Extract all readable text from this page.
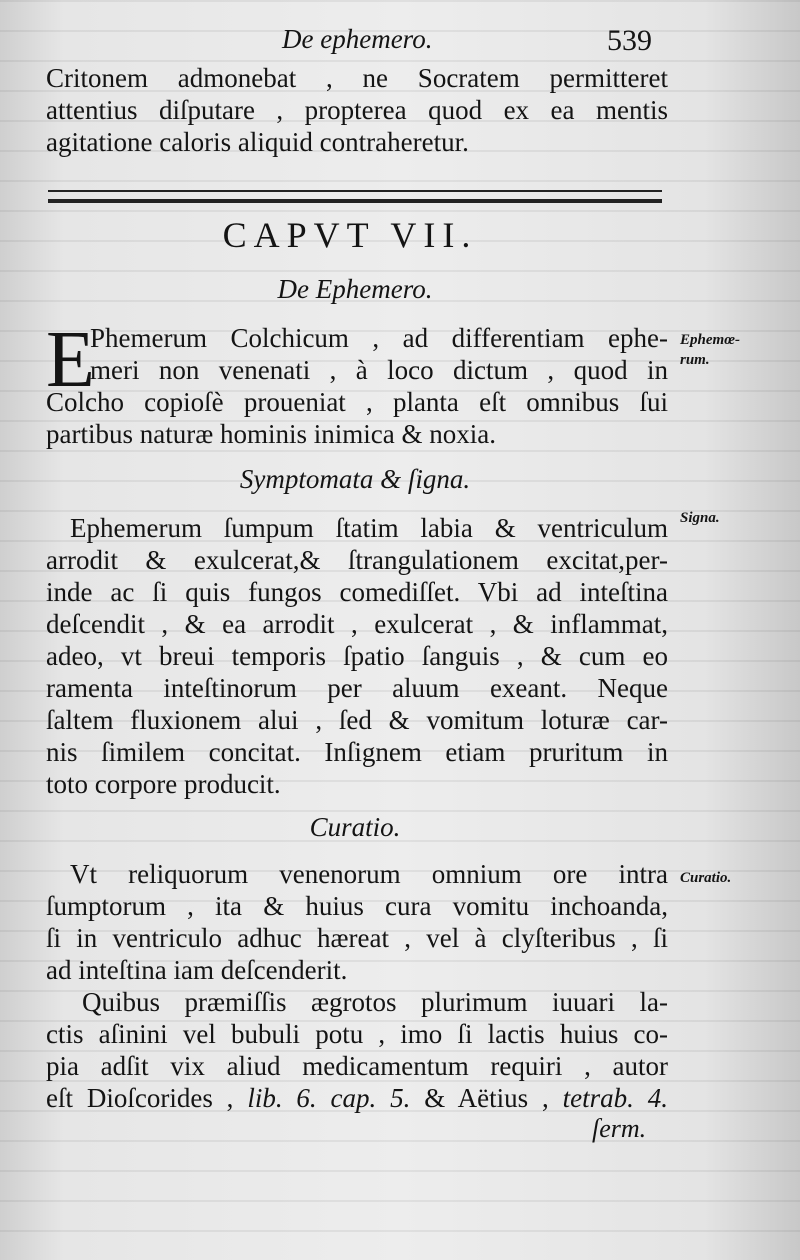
De ephemero.	539
Critonem admonebat , ne Socratem permitteret
attentius diſputare , propterea quod ex ea mentis
agitatione caloris aliquid contraheretur.
CAPVT VII.
De Ephemero.
E
Phemerum Colchicum , ad differentiam ephe-
meri non venenati , à loco dictum , quod in
Colcho copioſè proueniat , planta eſt omnibus ſui
partibus naturæ hominis inimica & noxia.
Ephemœ-
rum.
Symptomata & ſigna.
Ephemerum ſumpum ſtatim labia & ventriculum
arrodit & exulcerat,& ſtrangulationem excitat,per-
inde ac ſi quis fungos comediſſet. Vbi ad inteſtina
deſcendit , & ea arrodit , exulcerat , & inflammat,
adeo, vt breui temporis ſpatio ſanguis , & cum eo
ramenta inteſtinorum per aluum exeant. Neque
ſaltem fluxionem alui , ſed & vomitum loturæ car-
nis ſimilem concitat. Inſignem etiam pruritum in
toto corpore producit.
Signa.
Curatio.
Vt reliquorum venenorum omnium ore intra
ſumptorum , ita & huius cura vomitu inchoanda,
ſi in ventriculo adhuc hæreat , vel à clyſteribus , ſi
ad inteſtina iam deſcenderit.
Curatio.
Quibus præmiſſis ægrotos plurimum iuuari la-
ctis aſinini vel bubuli potu , imo ſi lactis huius co-
pia adſit vix aliud medicamentum requiri , autor
eſt Dioſcorides , lib. 6. cap. 5. & Aëtius , tetrab. 4.
ſerm.
